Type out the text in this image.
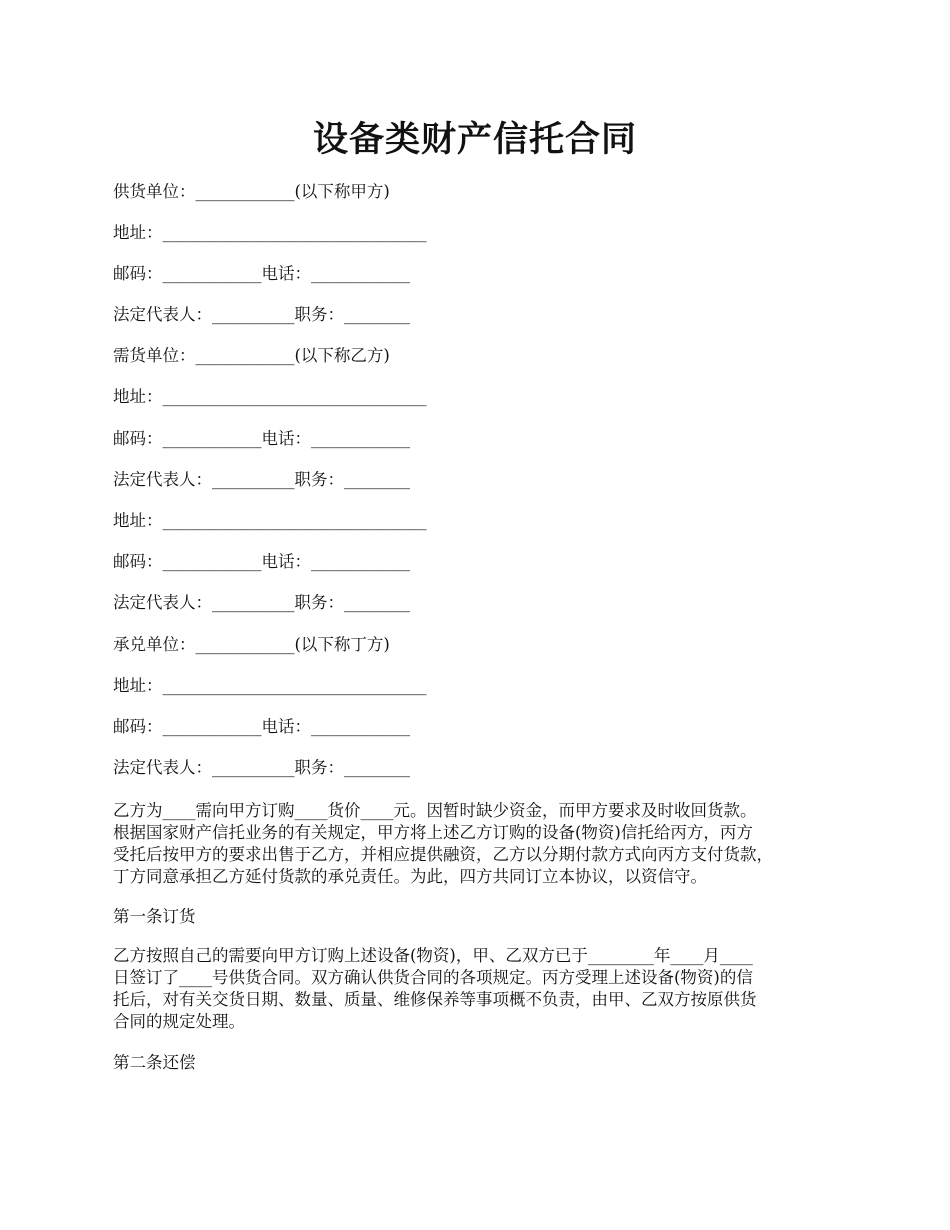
设备类财产信托合同

供货单位：____________(以下称甲方)

地址：________________________________

邮码：____________电话：____________

法定代表人：__________职务：________

需货单位：____________(以下称乙方)

地址：________________________________

邮码：____________电话：____________

法定代表人：__________职务：________

地址：________________________________

邮码：____________电话：____________

法定代表人：__________职务：________

承兑单位：____________(以下称丁方)

地址：________________________________

邮码：____________电话：____________

法定代表人：__________职务：________

乙方为____需向甲方订购____货价____元。因暂时缺少资金，而甲方要求及时收回货款。
根据国家财产信托业务的有关规定，甲方将上述乙方订购的设备(物资)信托给丙方，丙方
受托后按甲方的要求出售于乙方，并相应提供融资，乙方以分期付款方式向丙方支付货款，
丁方同意承担乙方延付货款的承兑责任。为此，四方共同订立本协议，以资信守。

第一条订货

乙方按照自己的需要向甲方订购上述设备(物资)，甲、乙双方已于________年____月____
日签订了____号供货合同。双方确认供货合同的各项规定。丙方受理上述设备(物资)的信
托后，对有关交货日期、数量、质量、维修保养等事项概不负责，由甲、乙双方按原供货
合同的规定处理。

第二条还偿
